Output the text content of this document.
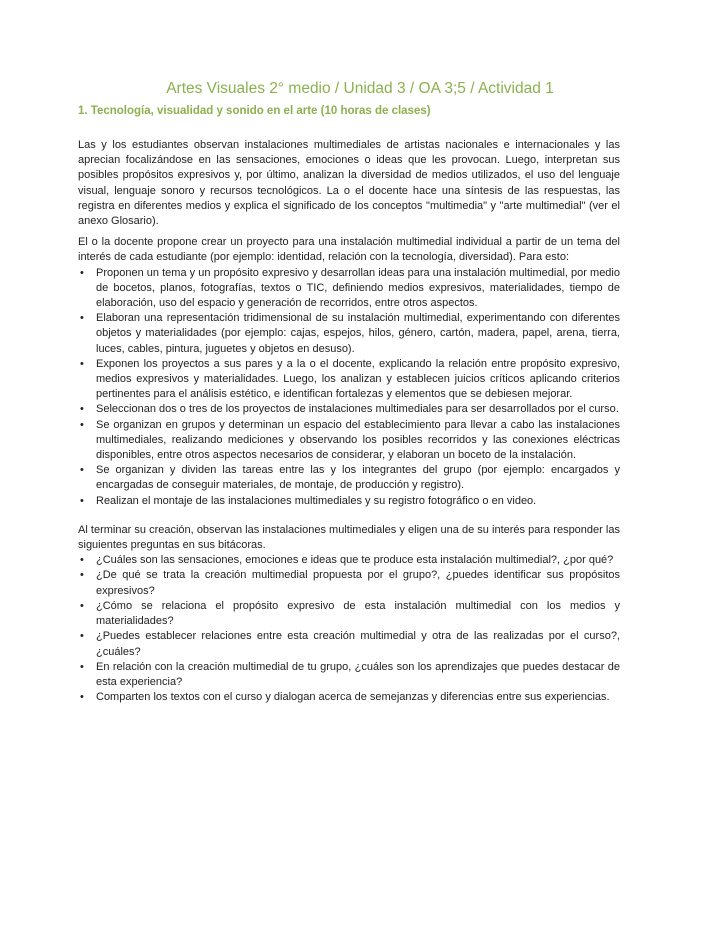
Artes Visuales 2° medio / Unidad 3 / OA 3;5 / Actividad 1
1. Tecnología, visualidad y sonido en el arte (10 horas de clases)

Las y los estudiantes observan instalaciones multimediales de artistas nacionales e internacionales y las aprecian focalizándose en las sensaciones, emociones o ideas que les provocan. Luego, interpretan sus posibles propósitos expresivos y, por último, analizan la diversidad de medios utilizados, el uso del lenguaje visual, lenguaje sonoro y recursos tecnológicos. La o el docente hace una síntesis de las respuestas, las registra en diferentes medios y explica el significado de los conceptos "multimedia" y "arte multimedial" (ver el anexo Glosario).

El o la docente propone crear un proyecto para una instalación multimedial individual a partir de un tema del interés de cada estudiante (por ejemplo: identidad, relación con la tecnología, diversidad). Para esto:

• Proponen un tema y un propósito expresivo y desarrollan ideas para una instalación multimedial, por medio de bocetos, planos, fotografías, textos o TIC, definiendo medios expresivos, materialidades, tiempo de elaboración, uso del espacio y generación de recorridos, entre otros aspectos.
• Elaboran una representación tridimensional de su instalación multimedial, experimentando con diferentes objetos y materialidades (por ejemplo: cajas, espejos, hilos, género, cartón, madera, papel, arena, tierra, luces, cables, pintura, juguetes y objetos en desuso).
• Exponen los proyectos a sus pares y a la o el docente, explicando la relación entre propósito expresivo, medios expresivos y materialidades. Luego, los analizan y establecen juicios críticos aplicando criterios pertinentes para el análisis estético, e identifican fortalezas y elementos que se debiesen mejorar.
• Seleccionan dos o tres de los proyectos de instalaciones multimediales para ser desarrollados por el curso.
• Se organizan en grupos y determinan un espacio del establecimiento para llevar a cabo las instalaciones multimediales, realizando mediciones y observando los posibles recorridos y las conexiones eléctricas disponibles, entre otros aspectos necesarios de considerar, y elaboran un boceto de la instalación.
• Se organizan y dividen las tareas entre las y los integrantes del grupo (por ejemplo: encargados y encargadas de conseguir materiales, de montaje, de producción y registro).
• Realizan el montaje de las instalaciones multimediales y su registro fotográfico o en video.

Al terminar su creación, observan las instalaciones multimediales y eligen una de su interés para responder las siguientes preguntas en sus bitácoras.

• ¿Cuáles son las sensaciones, emociones e ideas que te produce esta instalación multimedial?, ¿por qué?
• ¿De qué se trata la creación multimedial propuesta por el grupo?, ¿puedes identificar sus propósitos expresivos?
• ¿Cómo se relaciona el propósito expresivo de esta instalación multimedial con los medios y materialidades?
• ¿Puedes establecer relaciones entre esta creación multimedial y otra de las realizadas por el curso?, ¿cuáles?
• En relación con la creación multimedial de tu grupo, ¿cuáles son los aprendizajes que puedes destacar de esta experiencia?
• Comparten los textos con el curso y dialogan acerca de semejanzas y diferencias entre sus experiencias.
